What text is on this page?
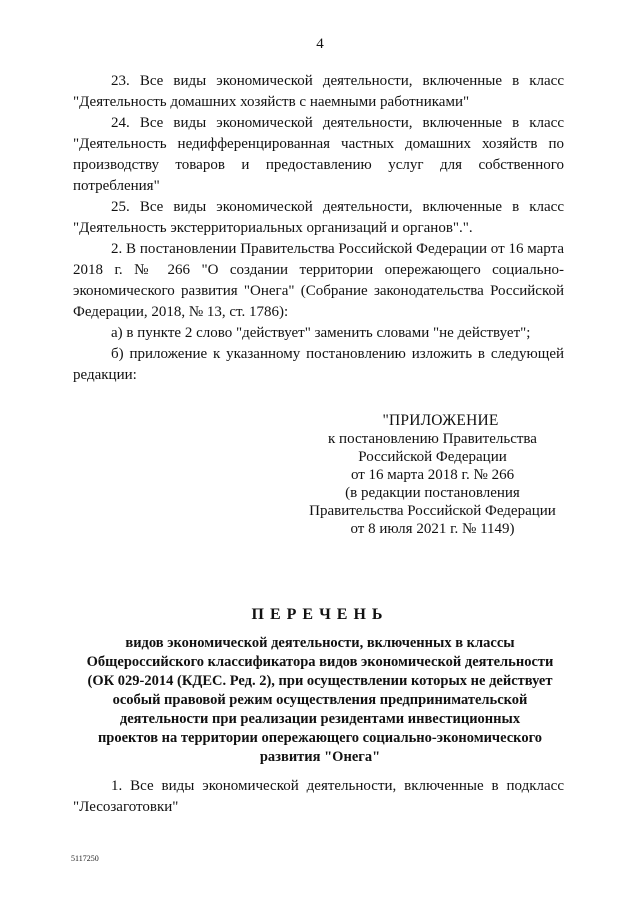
4

23. Все виды экономической деятельности, включенные в класс "Деятельность домашних хозяйств с наемными работниками"

24. Все виды экономической деятельности, включенные в класс "Деятельность недифференцированная частных домашних хозяйств по производству товаров и предоставлению услуг для собственного потребления"

25. Все виды экономической деятельности, включенные в класс "Деятельность экстерриториальных организаций и органов".".

2. В постановлении Правительства Российской Федерации от 16 марта 2018 г. № 266 "О создании территории опережающего социально-экономического развития "Онега" (Собрание законодательства Российской Федерации, 2018, № 13, ст. 1786):

а) в пункте 2 слово "действует" заменить словами "не действует";

б) приложение к указанному постановлению изложить в следующей редакции:

"ПРИЛОЖЕНИЕ
к постановлению Правительства
Российской Федерации
от 16 марта 2018 г. № 266
(в редакции постановления
Правительства Российской Федерации
от 8 июля 2021 г. № 1149)
ПЕРЕЧЕНЬ
видов экономической деятельности, включенных в классы
Общероссийского классификатора видов экономической деятельности
(ОК 029-2014 (КДЕС. Ред. 2), при осуществлении которых не действует
особый правовой режим осуществления предпринимательской
деятельности при реализации резидентами инвестиционных
проектов на территории опережающего социально-экономического
развития "Онега"

1. Все виды экономической деятельности, включенные в подкласс "Лесозаготовки"

5117250
